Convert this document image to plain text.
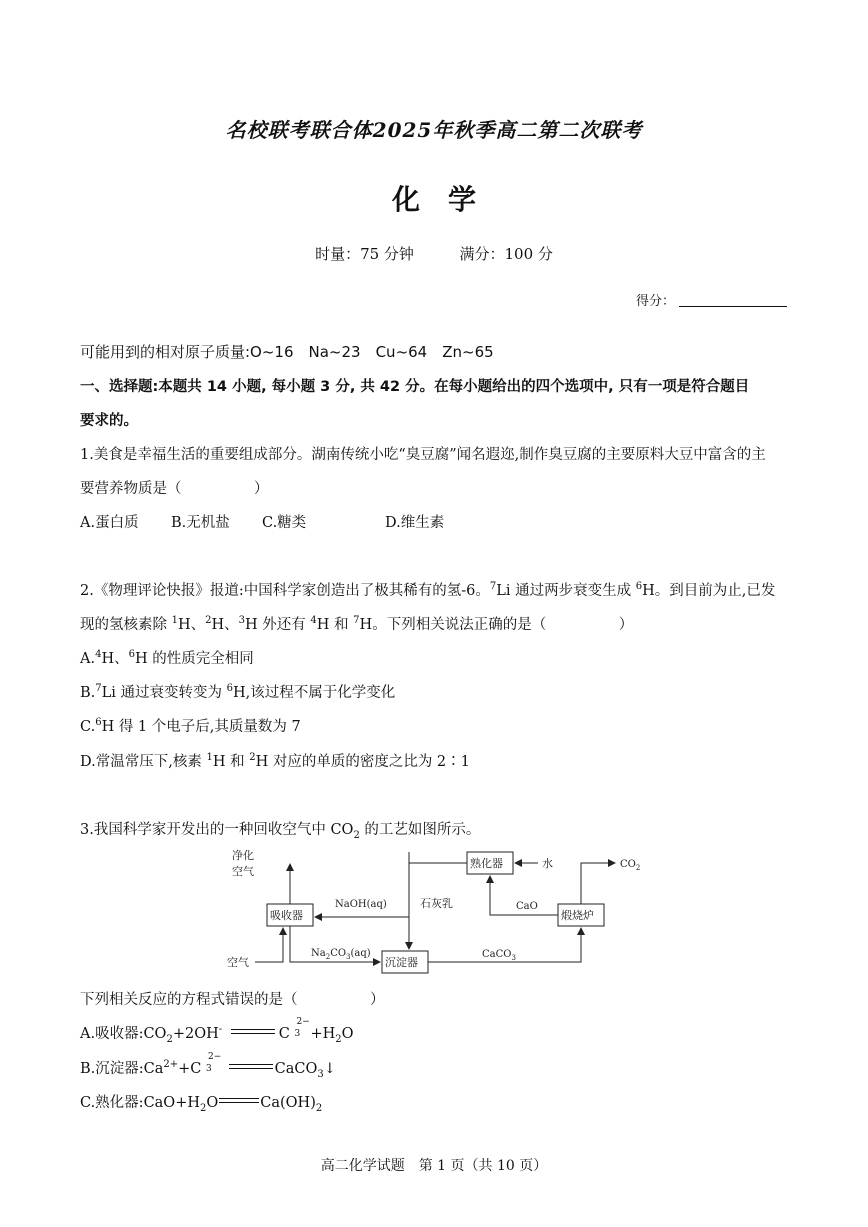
名校联考联合体2025年秋季高二第二次联考
化　学
时量：75 分钟	满分：100 分
得分：
可能用到的相对原子质量:O~16　Na~23　Cu~64　Zn~65
一、选择题:本题共 14 小题, 每小题 3 分, 共 42 分。在每小题给出的四个选项中, 只有一项是符合题目
要求的。
1.美食是幸福生活的重要组成部分。湖南传统小吃“臭豆腐”闻名遐迩,制作臭豆腐的主要原料大豆中富含的主
要营养物质是（　　　　　）
A.蛋白质 B.无机盐 C.糖类	D.维生素
2.《物理评论快报》报道:中国科学家创造出了极其稀有的氢-6。$^7$Li 通过两步衰变生成 $^6$H。到目前为止,已发
现的氢核素除 $^1$H、$^2$H、$^3$H 外还有 $^4$H 和 $^7$H。下列相关说法正确的是（　　　　　）
A.$^4$H、$^6$H 的性质完全相同
B.$^7$Li 通过衰变转变为 $^6$H,该过程不属于化学变化
C.$^6$H 得 1 个电子后,其质量数为 7
D.常温常压下,核素 $^1$H 和 $^2$H 对应的单质的密度之比为 2∶1
3.我国科学家开发出的一种回收空气中 $CO_2$ 的工艺如图所示。
净化
空气
吸收器
NaOH(aq)	石灰乳
熟化器	水	$CO_2$
CaO
煅烧炉
$Na_2CO_3(aq)$
空气	沉淀器
CaCO$_3$
下列相关反应的方程式错误的是（　　　　　）
A.吸收器$:CO_2+2OH^-$	C
2−
$3 +H_2O$
B.沉淀器$:Ca^{2+}+C$
2−
3	CaCO$_3$↓
C.熟化器$:CaO+H_2O$	$Ca(OH)_2$
高二化学试题　第 1 页（共 10 页）
